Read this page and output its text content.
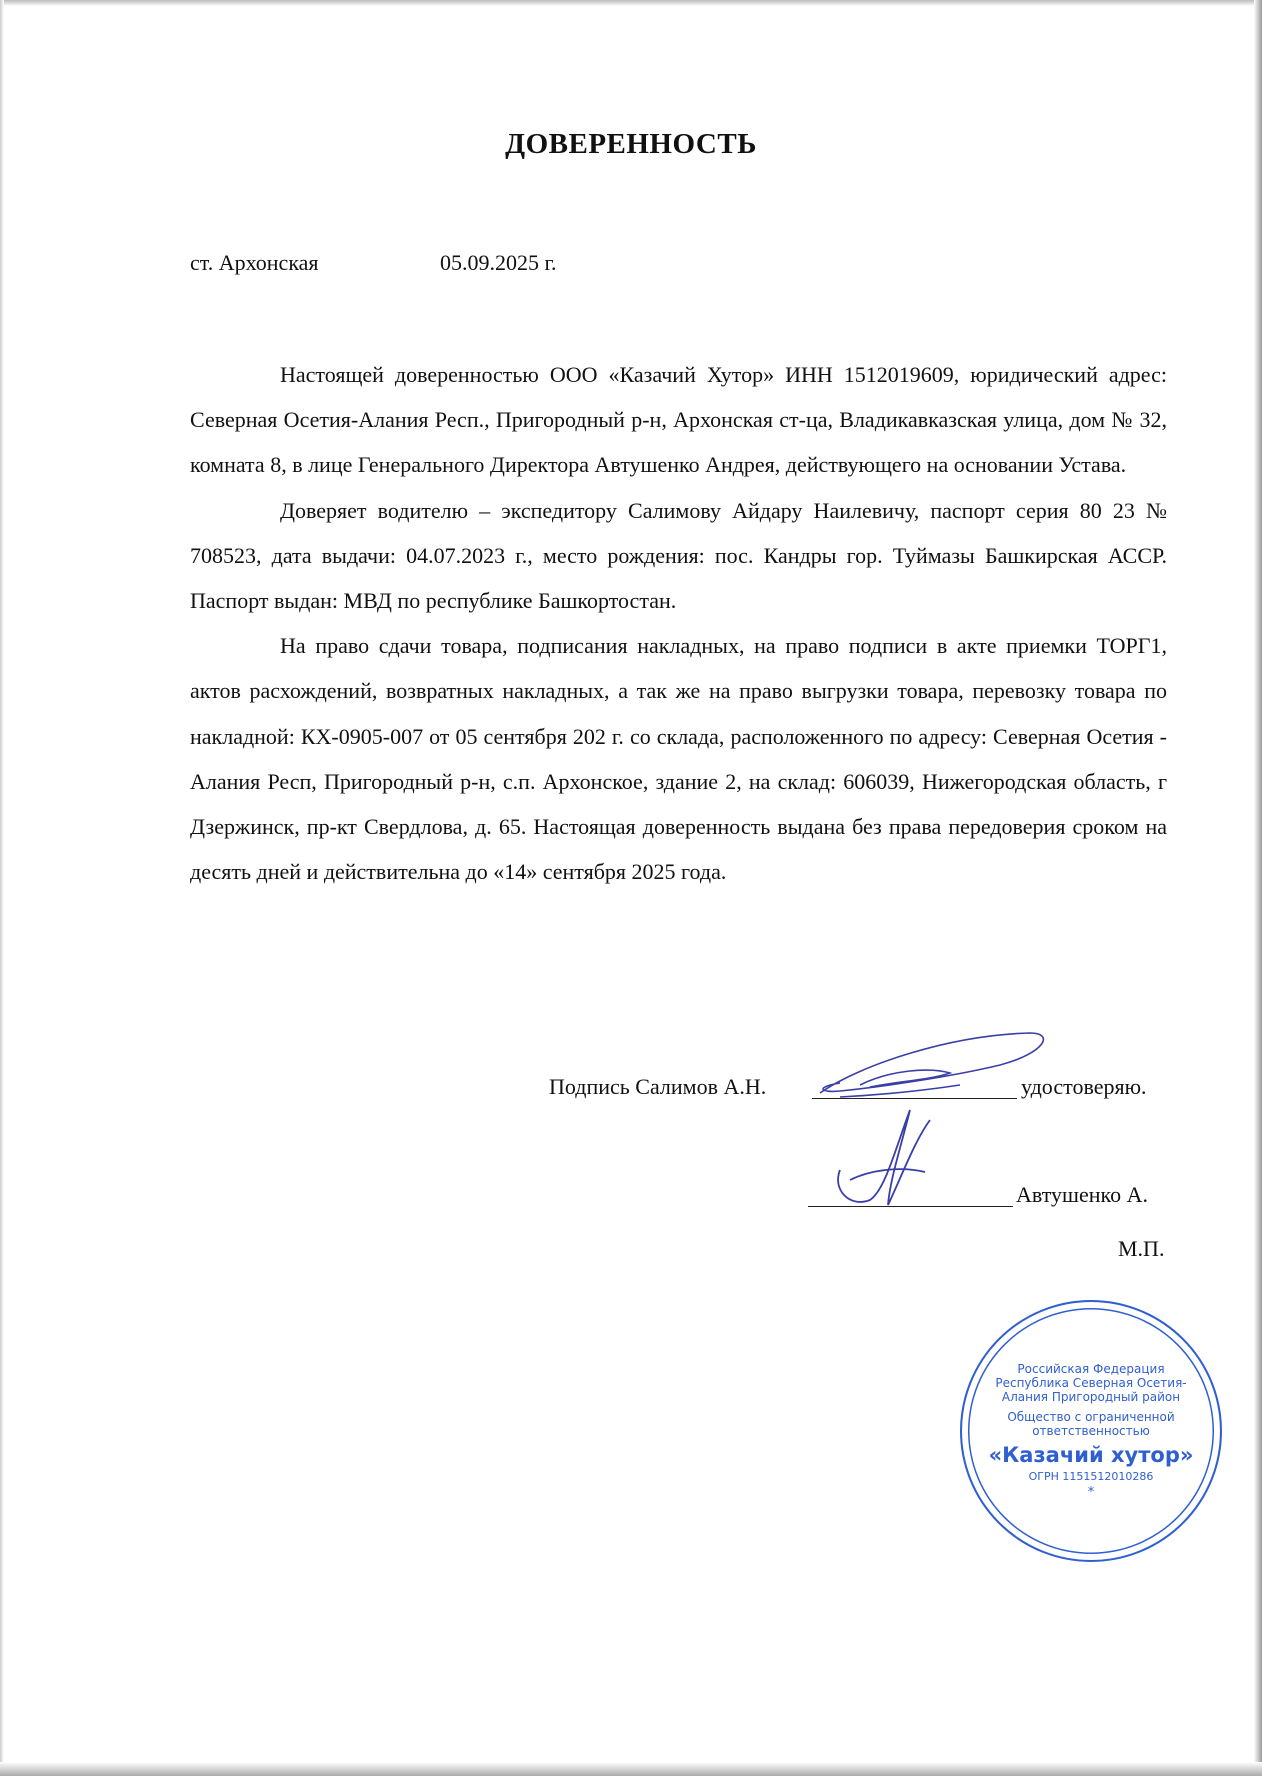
ДОВЕРЕННОСТЬ
ст. Архонская	05.09.2025 г.

Настоящей доверенностью ООО «Казачий Хутор» ИНН 1512019609, юридический адрес: Северная Осетия-Алания Респ., Пригородный р-н, Архонская ст-ца, Владикавказская улица, дом № 32, комната 8, в лице Генерального Директора Автушенко Андрея, действующего на основании Устава.

Доверяет водителю – экспедитору Салимову Айдару Наилевичу, паспорт серия 80 23 № 708523, дата выдачи: 04.07.2023 г., место рождения: пос. Кандры гор. Туймазы Башкирская АССР. Паспорт выдан: МВД по республике Башкортостан.

На право сдачи товара, подписания накладных, на право подписи в акте приемки ТОРГ1, актов расхождений, возвратных накладных, а так же на право выгрузки товара, перевозку товара по накладной: КХ-0905-007 от 05 сентября 202 г. со склада, расположенного по адресу: Северная Осетия - Алания Респ, Пригородный р-н, с.п. Архонское, здание 2, на склад: 606039, Нижегородская область, г Дзержинск, пр-кт Свердлова, д. 65. Настоящая доверенность выдана без права передоверия сроком на десять дней и действительна до «14» сентября 2025 года.

Подпись Салимов А.Н.	удостоверяю.
Автушенко А.
М.П.
Российская Федерация Республика Северная Осетия-Алания Пригородный район
Общество с ограниченной ответственностью
«Казачий хутор»
ОГРН 1151512010286
*
